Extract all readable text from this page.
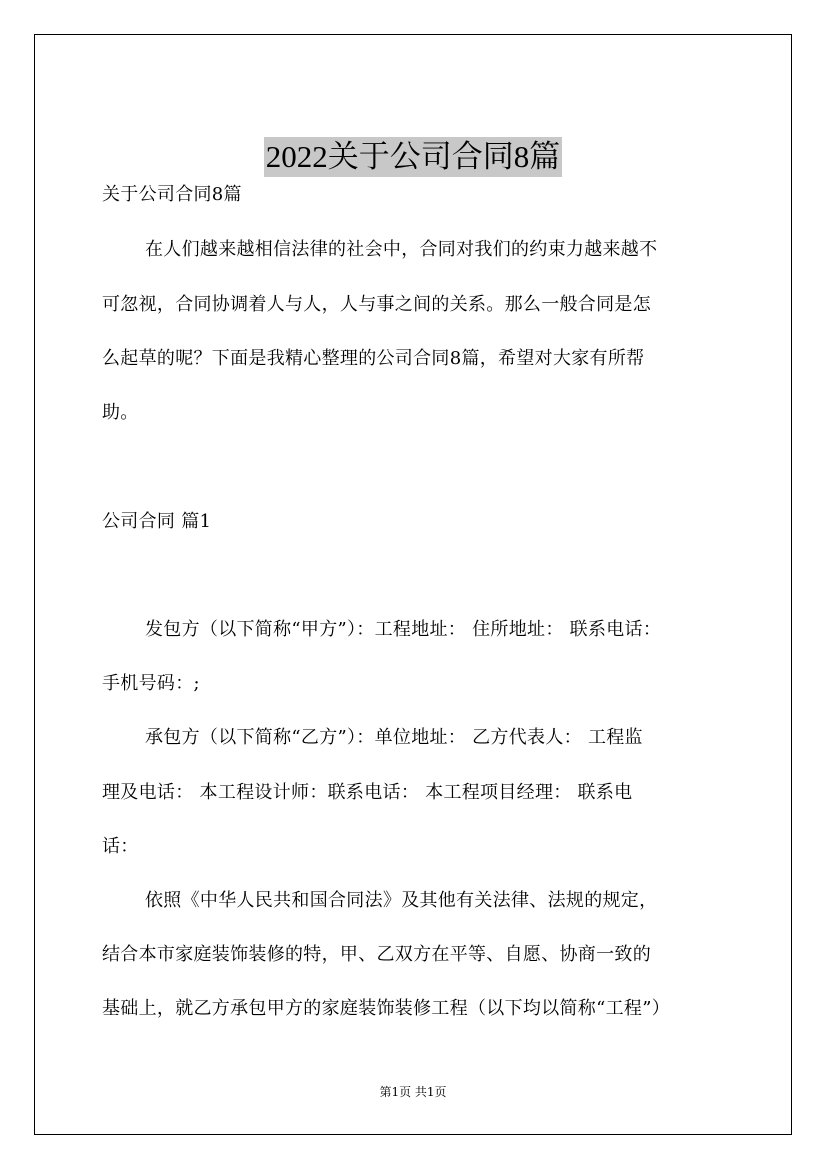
2022关于公司合同8篇
关于公司合同8篇
在人们越来越相信法律的社会中，合同对我们的约束力越来越不
可忽视，合同协调着人与人，人与事之间的关系。那么一般合同是怎
么起草的呢？下面是我精心整理的公司合同8篇，希望对大家有所帮
助。
公司合同 篇1
发包方（以下简称“甲方”）：工程地址： 住所地址： 联系电话：
手机号码：;
承包方（以下简称“乙方”）：单位地址： 乙方代表人： 工程监
理及电话： 本工程设计师：联系电话： 本工程项目经理： 联系电
话：
依照《中华人民共和国合同法》及其他有关法律、法规的规定，
结合本市家庭装饰装修的特，甲、乙双方在平等、自愿、协商一致的
基础上，就乙方承包甲方的家庭装饰装修工程（以下均以简称“工程”）
第1页 共1页
